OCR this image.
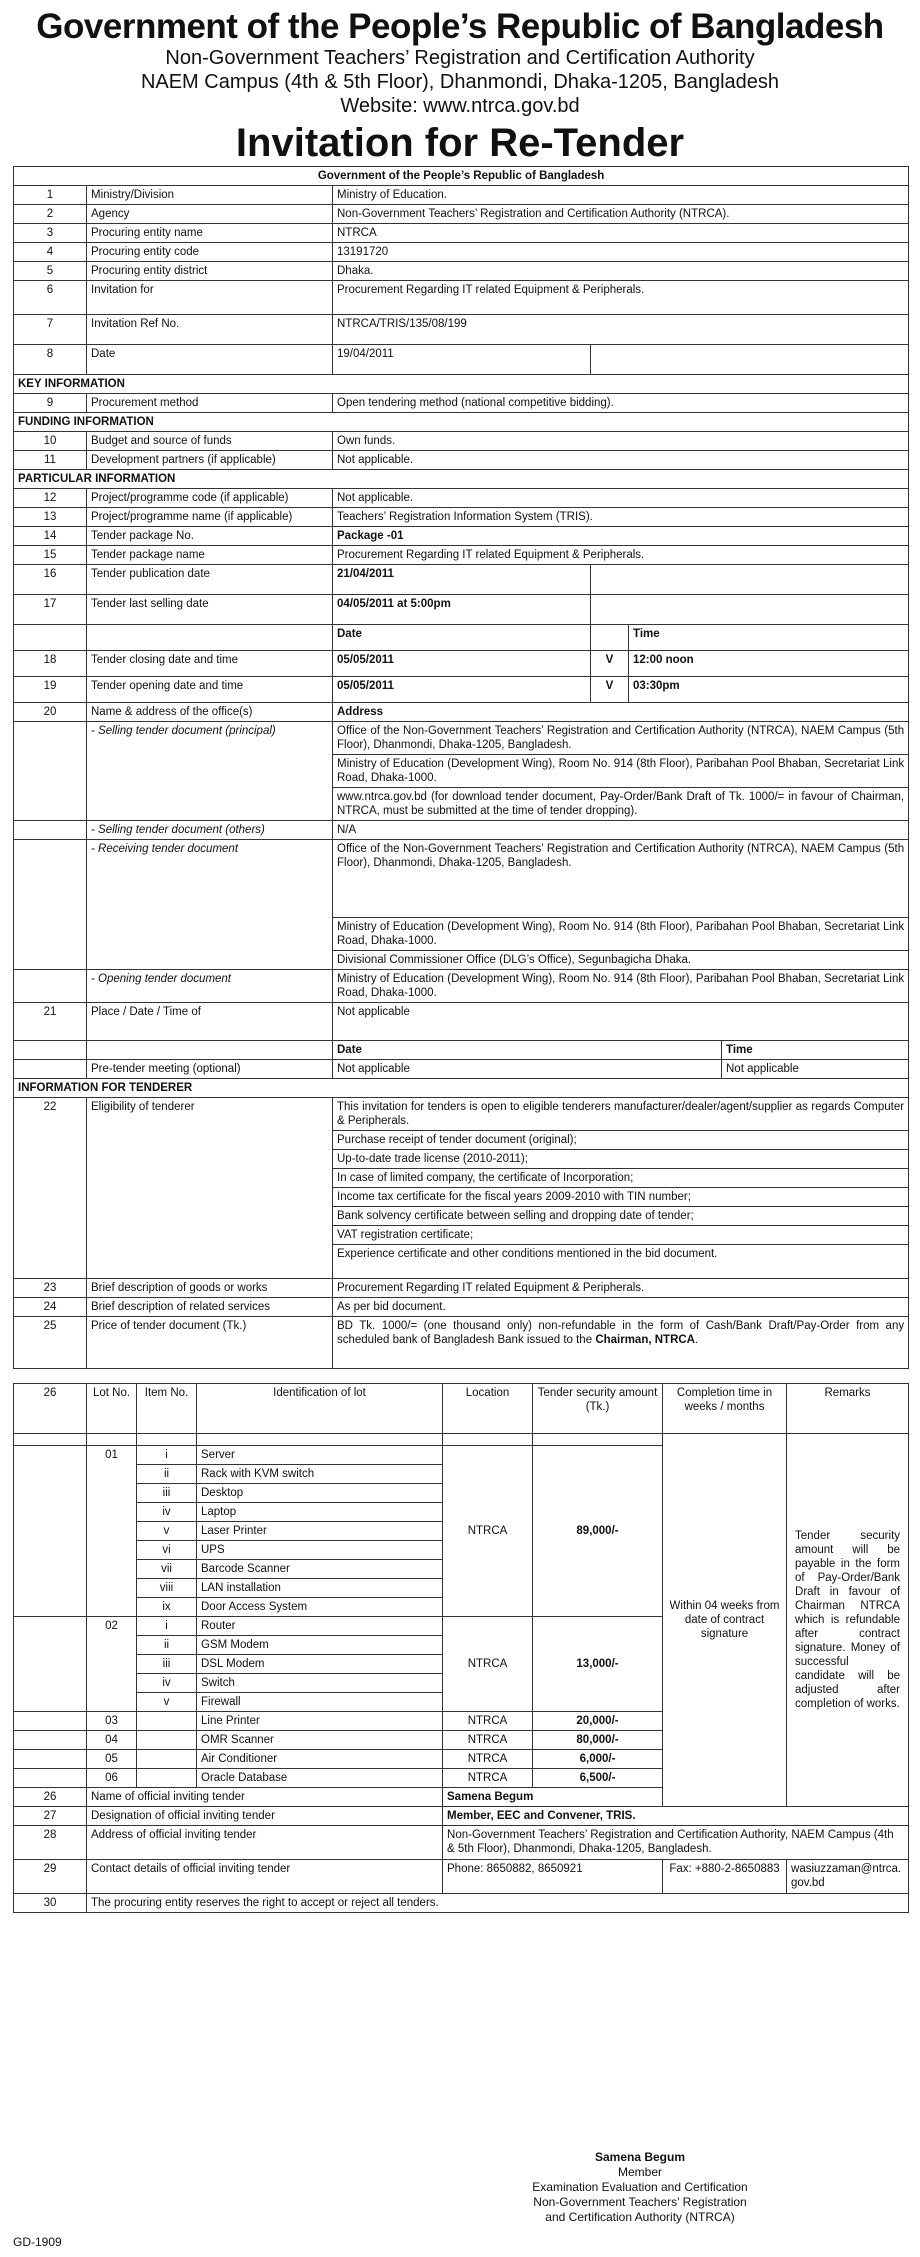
Government of the People’s Republic of Bangladesh
Non-Government Teachers’ Registration and Certification Authority
NAEM Campus (4th & 5th Floor), Dhanmondi, Dhaka-1205, Bangladesh
Website: www.ntrca.gov.bd
Invitation for Re-Tender
Government of the People’s Republic of Bangladesh					
1	Ministry/Division	Ministry of Education.			
2	Agency	Non-Government Teachers’ Registration and Certification Authority (NTRCA).			
3	Procuring entity name	NTRCA			
4	Procuring entity code	13191720			
5	Procuring entity district	Dhaka.			
6	Invitation for	Procurement Regarding IT related Equipment & Peripherals.			
7	Invitation Ref No.	NTRCA/TRIS/135/08/199			
8	Date	19/04/2011			
KEY INFORMATION					
9	Procurement method	Open tendering method (national competitive bidding).			
FUNDING INFORMATION					
10	Budget and source of funds	Own funds.			
11	Development partners (if applicable)	Not applicable.			
PARTICULAR INFORMATION					
12	Project/programme code (if applicable)	Not applicable.			
13	Project/programme name (if applicable)	Teachers’ Registration Information System (TRIS).			
14	Tender package No.	Package -01			
15	Tender package name	Procurement Regarding IT related Equipment & Peripherals.			
16	Tender publication date	21/04/2011			
17	Tender last selling date	04/05/2011 at 5:00pm			
		Date		Time	
18	Tender closing date and time	05/05/2011	V	12:00 noon	
19	Tender opening date and time	05/05/2011	V	03:30pm	
20	Name & address of the office(s)	Address			
	- Selling tender document (principal)	Office of the Non-Government Teachers’ Registration and Certification Authority (NTRCA), NAEM Campus (5th Floor), Dhanmondi, Dhaka-1205, Bangladesh.			
		Ministry of Education (Development Wing), Room No. 914 (8th Floor), Paribahan Pool Bhaban, Secretariat Link Road, Dhaka-1000.			
		www.ntrca.gov.bd (for download tender document, Pay-Order/Bank Draft of Tk. 1000/= in favour of Chairman, NTRCA, must be submitted at the time of tender dropping).			
	- Selling tender document (others)	N/A			
	- Receiving tender document	Office of the Non-Government Teachers’ Registration and Certification Authority (NTRCA), NAEM Campus (5th Floor), Dhanmondi, Dhaka-1205, Bangladesh.			
		Ministry of Education (Development Wing), Room No. 914 (8th Floor), Paribahan Pool Bhaban, Secretariat Link Road, Dhaka-1000.			
		Divisional Commissioner Office (DLG’s Office), Segunbagicha Dhaka.			
	- Opening tender document	Ministry of Education (Development Wing), Room No. 914 (8th Floor), Paribahan Pool Bhaban, Secretariat Link Road, Dhaka-1000.			
21	Place / Date / Time of	Not applicable			
		Date			Time
	Pre-tender meeting (optional)	Not applicable			Not applicable
INFORMATION FOR TENDERER					
22	Eligibility of tenderer	This invitation for tenders is open to eligible tenderers manufacturer/dealer/agent/supplier as regards Computer & Peripherals.			
		Purchase receipt of tender document (original);			
		Up-to-date trade license (2010-2011);			
		In case of limited company, the certificate of Incorporation;			
		Income tax certificate for the fiscal years 2009-2010 with TIN number;			
		Bank solvency certificate between selling and dropping date of tender;			
		VAT registration certificate;			
		Experience certificate and other conditions mentioned in the bid document.			
23	Brief description of goods or works	Procurement Regarding IT related Equipment & Peripherals.			
24	Brief description of related services	As per bid document.			
25	Price of tender document (Tk.)	BD Tk. 1000/= (one thousand only) non-refundable in the form of Cash/Bank Draft/Pay-Order from any scheduled bank of Bangladesh Bank issued to the Chairman, NTRCA.			
26	Lot No.	Item No.	Identification of lot	Location	Tender security amount (Tk.)	Completion time in weeks / months	Remarks
						Within 04 weeks from date of contract signature	Tender security amount will be payable in the form of Pay-Order/Bank Draft in favour of Chairman NTRCA which is refundable after contract signature. Money of successful candidate will be adjusted after completion of works.
	01	i	Server	NTRCA	89,000/-		
		ii	Rack with KVM switch				
		iii	Desktop				
		iv	Laptop				
		v	Laser Printer				
		vi	UPS				
		vii	Barcode Scanner				
		viii	LAN installation				
		ix	Door Access System				
	02	i	Router	NTRCA	13,000/-		
		ii	GSM Modem				
		iii	DSL Modem				
		iv	Switch				
		v	Firewall				
	03		Line Printer	NTRCA	20,000/-		
	04		OMR Scanner	NTRCA	80,000/-		
	05		Air Conditioner	NTRCA	6,000/-		
	06		Oracle Database	NTRCA	6,500/-		
26	Name of official inviting tender			Samena Begum			
27	Designation of official inviting tender			Member, EEC and Convener, TRIS.			
28	Address of official inviting tender			Non-Government Teachers’ Registration and Certification Authority, NAEM Campus (4th & 5th Floor), Dhanmondi, Dhaka-1205, Bangladesh.			
29	Contact details of official inviting tender			Phone: 8650882, 8650921		Fax: +880-2-8650883	wasiuzzaman@ntrca.gov.bd
30	The procuring entity reserves the right to accept or reject all tenders.						
Samena Begum
Member
Examination Evaluation and Certification
Non-Government Teachers’ Registration
and Certification Authority (NTRCA)
GD-1909
